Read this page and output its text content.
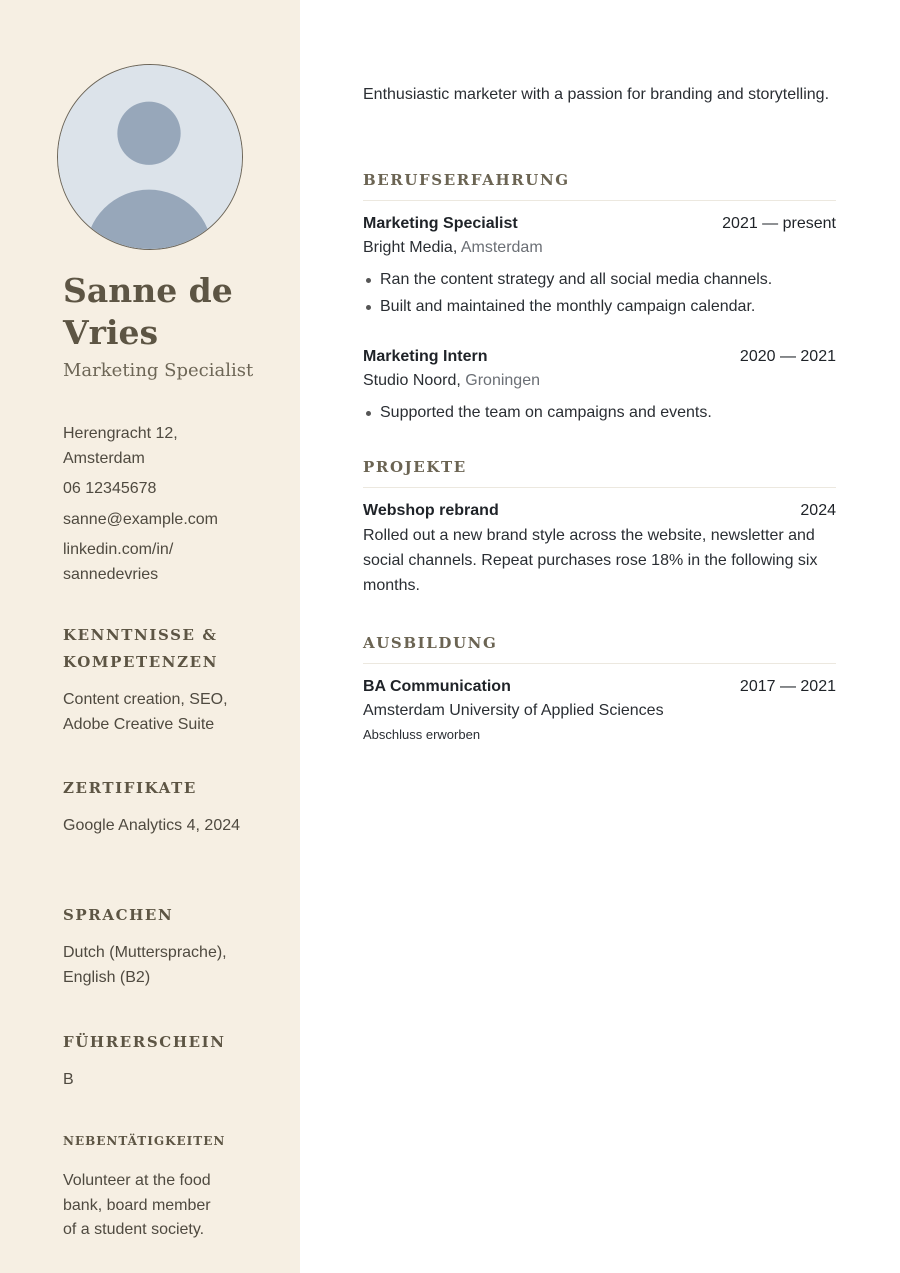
Sanne de Vries
Marketing Specialist
Herengracht 12, Amsterdam
06 12345678
sanne@example.com
linkedin.com/in/ sannedevries
KENNTNISSE & KOMPETENZEN
Content creation, SEO, Adobe Creative Suite
ZERTIFIKATE
Google Analytics 4, 2024
SPRACHEN
Dutch (Muttersprache), English (B2)
FÜHRERSCHEIN
B
NEBENTÄTIGKEITEN
Volunteer at the food bank, board member of a student society.
Enthusiastic marketer with a passion for branding and storytelling.
BERUFSERFAHRUNG
Marketing Specialist	2021 — present
Bright Media, Amsterdam
Ran the content strategy and all social media channels.
Built and maintained the monthly campaign calendar.
Marketing Intern	2020 — 2021
Studio Noord, Groningen
Supported the team on campaigns and events.
PROJEKTE
Webshop rebrand	2024
Rolled out a new brand style across the website, newsletter and social channels. Repeat purchases rose 18% in the following six months.
AUSBILDUNG
BA Communication	2017 — 2021
Amsterdam University of Applied Sciences
Abschluss erworben
